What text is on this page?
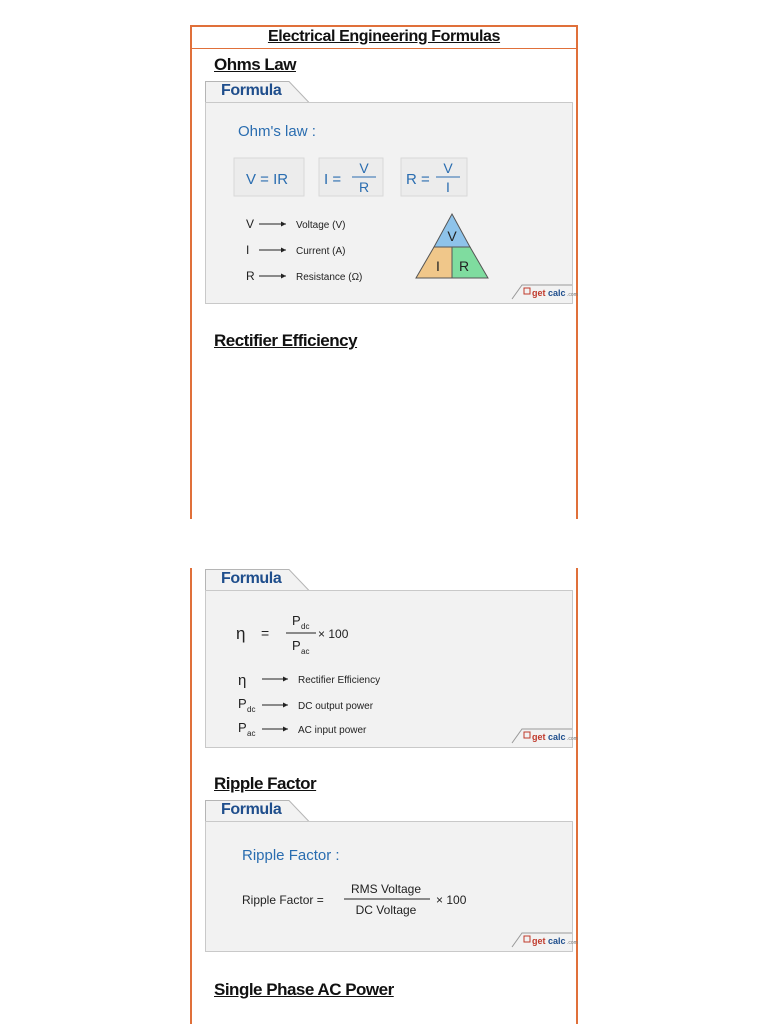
Electrical Engineering Formulas
Ohms Law
Formula
Ohm's law :
V = IR I =
V
R R =
V
I
V	Voltage (V)
I	Current (A)
R	Resistance (Ω)
V
I R
get calc .com
Rectifier Efficiency
Formula
η =
P dc
P ac
× 100
η	Rectifier Efficiency
P dc	DC output power
P ac	AC input power
get calc .com
Ripple Factor
Formula
Ripple Factor :
Ripple Factor =
RMS Voltage
DC Voltage
× 100
get calc .com
Single Phase AC Power
